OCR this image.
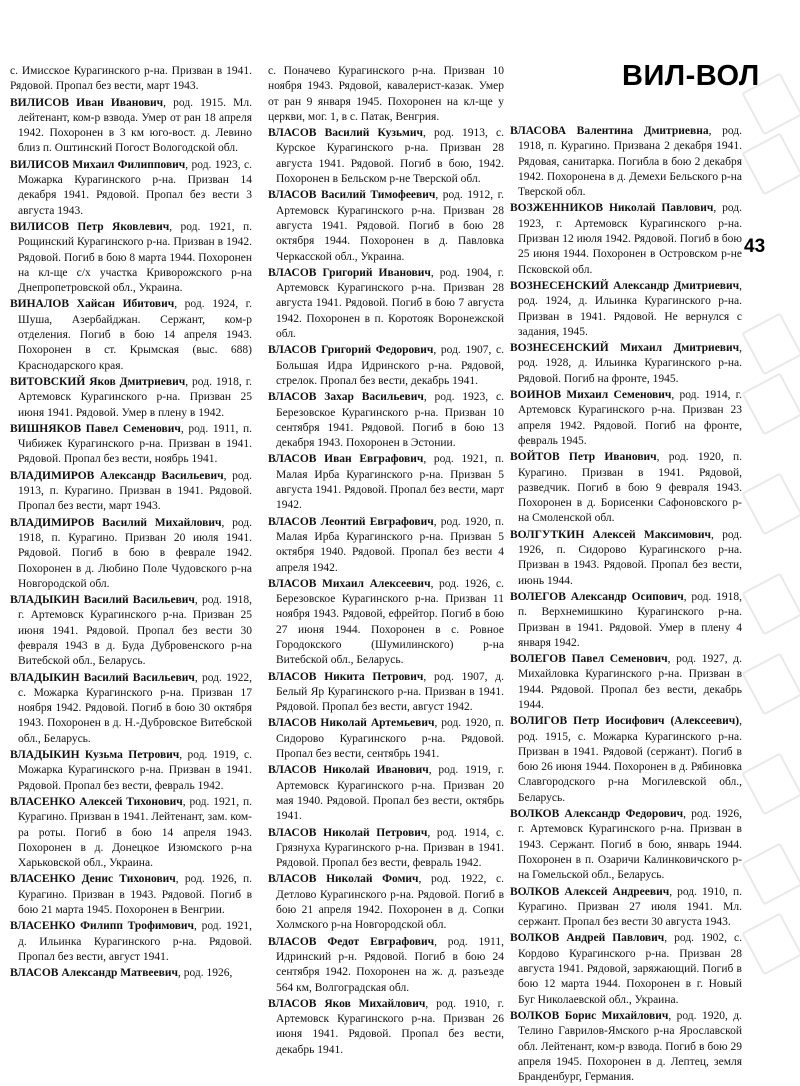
ВИЛ-ВОЛ
43

с. Имисское Курагинского р-на. Призван в 1941. Рядовой. Пропал без вести, март 1943.

ВИЛИСОВ Иван Иванович, род. 1915. Мл. лейтенант, ком-р взвода. Умер от ран 18 апреля 1942. Похоронен в 3 км юго-вост. д. Левино близ п. Оштинский Погост Вологодской обл.

ВИЛИСОВ Михаил Филиппович, род. 1923, с. Можарка Курагинского р-на. Призван 14 декабря 1941. Рядовой. Пропал без вести 3 августа 1943.

ВИЛИСОВ Петр Яковлевич, род. 1921, п. Рощинский Курагинского р-на. Призван в 1942. Рядовой. Погиб в бою 8 марта 1944. Похоронен на кл-ще с/х участка Криворожского р-на Днепропетровской обл., Украина.

ВИНАЛОВ Хайсан Ибитович, род. 1924, г. Шуша, Азербайджан. Сержант, ком-р отделения. Погиб в бою 14 апреля 1943. Похоронен в ст. Крымская (выс. 688) Краснодарского края.

ВИТОВСКИЙ Яков Дмитриевич, род. 1918, г. Артемовск Курагинского р-на. Призван 25 июня 1941. Рядовой. Умер в плену в 1942.

ВИШНЯКОВ Павел Семенович, род. 1911, п. Чибижек Курагинского р-на. Призван в 1941. Рядовой. Пропал без вести, ноябрь 1941.

ВЛАДИМИРОВ Александр Васильевич, род. 1913, п. Курагино. Призван в 1941. Рядовой. Пропал без вести, март 1943.

ВЛАДИМИРОВ Василий Михайлович, род. 1918, п. Курагино. Призван 20 июля 1941. Рядовой. Погиб в бою в феврале 1942. Похоронен в д. Любино Поле Чудовского р-на Новгородской обл.

ВЛАДЫКИН Василий Васильевич, род. 1918, г. Артемовск Курагинского р-на. Призван 25 июня 1941. Рядовой. Пропал без вести 30 февраля 1943 в д. Буда Дубровенского р-на Витебской обл., Беларусь.

ВЛАДЫКИН Василий Васильевич, род. 1922, с. Можарка Курагинского р-на. Призван 17 ноября 1942. Рядовой. Погиб в бою 30 октября 1943. Похоронен в д. Н.-Дубровское Витебской обл., Беларусь.

ВЛАДЫКИН Кузьма Петрович, род. 1919, с. Можарка Курагинского р-на. Призван в 1941. Рядовой. Пропал без вести, февраль 1942.

ВЛАСЕНКО Алексей Тихонович, род. 1921, п. Курагино. Призван в 1941. Лейтенант, зам. ком-ра роты. Погиб в бою 14 апреля 1943. Похоронен в д. Донецкое Изюмского р-на Харьковской обл., Украина.

ВЛАСЕНКО Денис Тихонович, род. 1926, п. Курагино. Призван в 1943. Рядовой. Погиб в бою 21 марта 1945. Похоронен в Венгрии.

ВЛАСЕНКО Филипп Трофимович, род. 1921, д. Ильинка Курагинского р-на. Рядовой. Пропал без вести, август 1941.

ВЛАСОВ Александр Матвеевич, род. 1926,

с. Поначево Курагинского р-на. Призван 10 ноября 1943. Рядовой, кавалерист-казак. Умер от ран 9 января 1945. Похоронен на кл-ще у церкви, мог. 1, в с. Патак, Венгрия.

ВЛАСОВ Василий Кузьмич, род. 1913, с. Курское Курагинского р-на. Призван 28 августа 1941. Рядовой. Погиб в бою, 1942. Похоронен в Бельском р-не Тверской обл.

ВЛАСОВ Василий Тимофеевич, род. 1912, г. Артемовск Курагинского р-на. Призван 28 августа 1941. Рядовой. Погиб в бою 28 октября 1944. Похоронен в д. Павловка Черкасской обл., Украина.

ВЛАСОВ Григорий Иванович, род. 1904, г. Артемовск Курагинского р-на. Призван 28 августа 1941. Рядовой. Погиб в бою 7 августа 1942. Похоронен в п. Коротояк Воронежской обл.

ВЛАСОВ Григорий Федорович, род. 1907, с. Большая Идра Идринского р-на. Рядовой, стрелок. Пропал без вести, декабрь 1941.

ВЛАСОВ Захар Васильевич, род. 1923, с. Березовское Курагинского р-на. Призван 10 сентября 1941. Рядовой. Погиб в бою 13 декабря 1943. Похоронен в Эстонии.

ВЛАСОВ Иван Евграфович, род. 1921, п. Малая Ирба Курагинского р-на. Призван 5 августа 1941. Рядовой. Пропал без вести, март 1942.

ВЛАСОВ Леонтий Евграфович, род. 1920, п. Малая Ирба Курагинского р-на. Призван 5 октября 1940. Рядовой. Пропал без вести 4 апреля 1942.

ВЛАСОВ Михаил Алексеевич, род. 1926, с. Березовское Курагинского р-на. Призван 11 ноября 1943. Рядовой, ефрейтор. Погиб в бою 27 июня 1944. Похоронен в с. Ровное Городокского (Шумилинского) р-на Витебской обл., Беларусь.

ВЛАСОВ Никита Петрович, род. 1907, д. Белый Яр Курагинского р-на. Призван в 1941. Рядовой. Пропал без вести, август 1942.

ВЛАСОВ Николай Артемьевич, род. 1920, п. Сидорово Курагинского р-на. Рядовой. Пропал без вести, сентябрь 1941.

ВЛАСОВ Николай Иванович, род. 1919, г. Артемовск Курагинского р-на. Призван 20 мая 1940. Рядовой. Пропал без вести, октябрь 1941.

ВЛАСОВ Николай Петрович, род. 1914, с. Грязнуха Курагинского р-на. Призван в 1941. Рядовой. Пропал без вести, февраль 1942.

ВЛАСОВ Николай Фомич, род. 1922, с. Детлово Курагинского р-на. Рядовой. Погиб в бою 21 апреля 1942. Похоронен в д. Сопки Холмского р-на Новгородской обл.

ВЛАСОВ Федот Евграфович, род. 1911, Идринский р-н. Рядовой. Погиб в бою 24 сентября 1942. Похоронен на ж. д. разъезде 564 км, Волгоградская обл.

ВЛАСОВ Яков Михайлович, род. 1910, г. Артемовск Курагинского р-на. Призван 26 июня 1941. Рядовой. Пропал без вести, декабрь 1941.

ВЛАСОВА Валентина Дмитриевна, род. 1918, п. Курагино. Призвана 2 декабря 1941. Рядовая, санитарка. Погибла в бою 2 декабря 1942. Похоронена в д. Демехи Бельского р-на Тверской обл.

ВОЗЖЕННИКОВ Николай Павлович, род. 1923, г. Артемовск Курагинского р-на. Призван 12 июля 1942. Рядовой. Погиб в бою 25 июня 1944. Похоронен в Островском р-не Псковской обл.

ВОЗНЕСЕНСКИЙ Александр Дмитриевич, род. 1924, д. Ильинка Курагинского р-на. Призван в 1941. Рядовой. Не вернулся с задания, 1945.

ВОЗНЕСЕНСКИЙ Михаил Дмитриевич, род. 1928, д. Ильинка Курагинского р-на. Рядовой. Погиб на фронте, 1945.

ВОИНОВ Михаил Семенович, род. 1914, г. Артемовск Курагинского р-на. Призван 23 апреля 1942. Рядовой. Погиб на фронте, февраль 1945.

ВОЙТОВ Петр Иванович, род. 1920, п. Курагино. Призван в 1941. Рядовой, разведчик. Погиб в бою 9 февраля 1943. Похоронен в д. Борисенки Сафоновского р-на Смоленской обл.

ВОЛГУТКИН Алексей Максимович, род. 1926, п. Сидорово Курагинского р-на. Призван в 1943. Рядовой. Пропал без вести, июнь 1944.

ВОЛЕГОВ Александр Осипович, род. 1918, п. Верхнемишкино Курагинского р-на. Призван в 1941. Рядовой. Умер в плену 4 января 1942.

ВОЛЕГОВ Павел Семенович, род. 1927, д. Михайловка Курагинского р-на. Призван в 1944. Рядовой. Пропал без вести, декабрь 1944.

ВОЛИГОВ Петр Иосифович (Алексеевич), род. 1915, с. Можарка Курагинского р-на. Призван в 1941. Рядовой (сержант). Погиб в бою 26 июня 1944. Похоронен в д. Рябиновка Славгородского р-на Могилевской обл., Беларусь.

ВОЛКОВ Александр Федорович, род. 1926, г. Артемовск Курагинского р-на. Призван в 1943. Сержант. Погиб в бою, январь 1944. Похоронен в п. Озаричи Калинковичского р-на Гомельской обл., Беларусь.

ВОЛКОВ Алексей Андреевич, род. 1910, п. Курагино. Призван 27 июля 1941. Мл. сержант. Пропал без вести 30 августа 1943.

ВОЛКОВ Андрей Павлович, род. 1902, с. Кордово Курагинского р-на. Призван 28 августа 1941. Рядовой, заряжающий. Погиб в бою 12 марта 1944. Похоронен в г. Новый Буг Николаевской обл., Украина.

ВОЛКОВ Борис Михайлович, род. 1920, д. Телино Гаврилов-Ямского р-на Ярославской обл. Лейтенант, ком-р взвода. Погиб в бою 29 апреля 1945. Похоронен в д. Лептец, земля Бранденбург, Германия.
